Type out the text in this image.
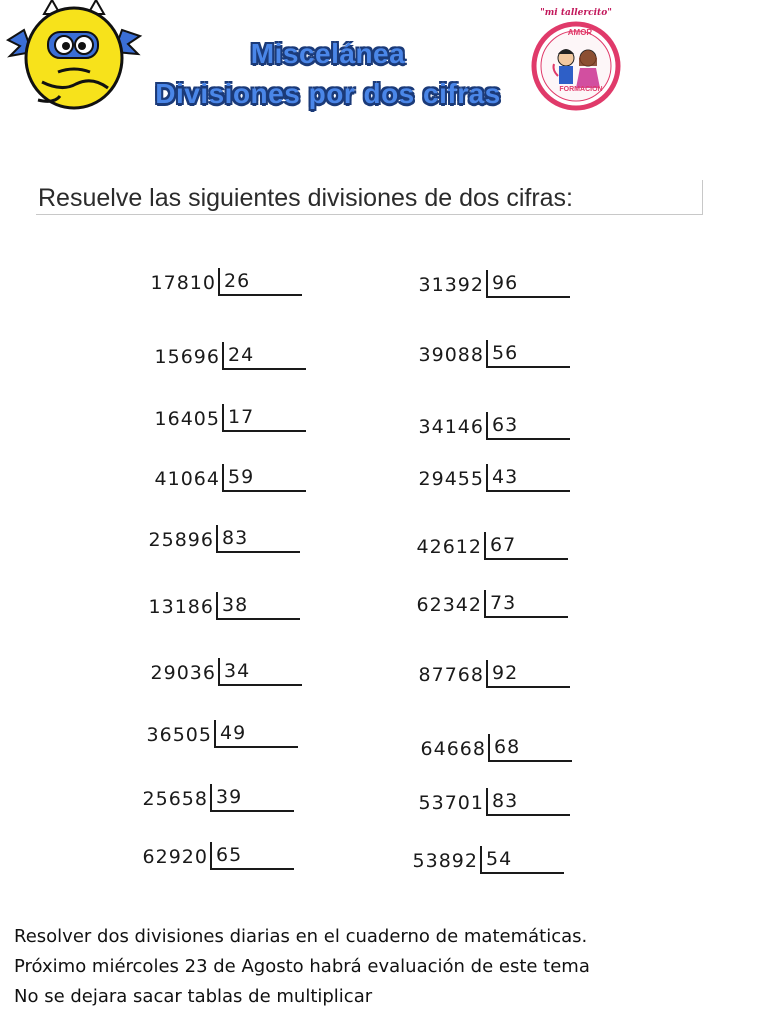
Miscelánea
Divisiones por dos cifras
"mi tallercito"
AMOR
FORMACION
Resuelve las siguientes divisiones de dos cifras:
17810 26
15696 24
16405 17
41064 59
25896 83
13186 38
29036 34
36505 49
25658 39
62920 65
31392 96
39088 56
34146 63
29455 43
42612 67
62342 73
87768 92
64668 68
53701 83
53892 54
Resolver dos divisiones diarias en el cuaderno de matemáticas.
Próximo miércoles 23 de Agosto habrá evaluación de este tema
No se dejara sacar tablas de multiplicar
